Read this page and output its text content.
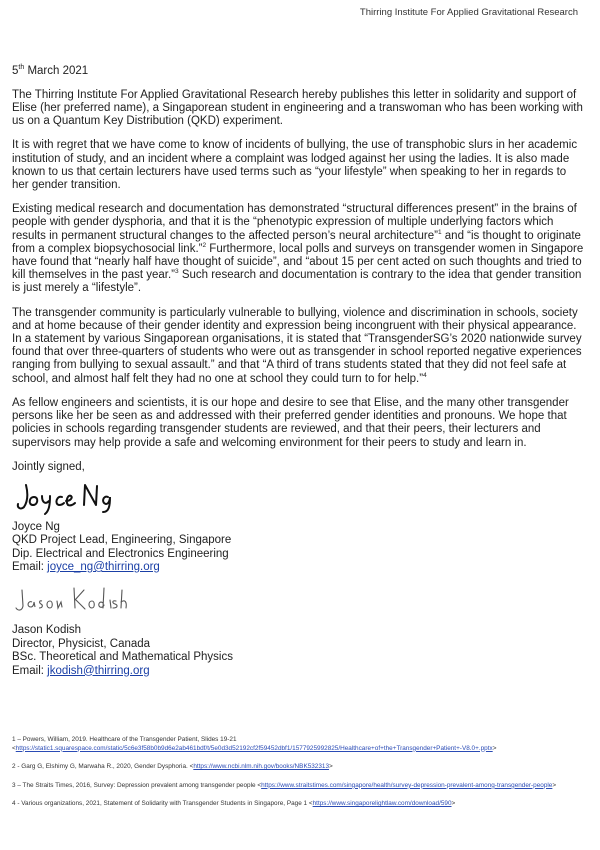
Thirring Institute For Applied Gravitational Research

5th March 2021

The Thirring Institute For Applied Gravitational Research hereby publishes this letter in solidarity and support of Elise (her preferred name), a Singaporean student in engineering and a transwoman who has been working with us on a Quantum Key Distribution (QKD) experiment.

It is with regret that we have come to know of incidents of bullying, the use of transphobic slurs in her academic institution of study, and an incident where a complaint was lodged against her using the ladies. It is also made known to us that certain lecturers have used terms such as “your lifestyle” when speaking to her in regards to her gender transition.

Existing medical research and documentation has demonstrated “structural differences present” in the brains of people with gender dysphoria, and that it is the “phenotypic expression of multiple underlying factors which results in permanent structural changes to the affected person’s neural architecture”$^1$ and “is thought to originate from a complex biopsychosocial link.”$^2$ Furthermore, local polls and surveys on transgender women in Singapore have found that “nearly half have thought of suicide”, and “about 15 per cent acted on such thoughts and tried to kill themselves in the past year.”$^3$ Such research and documentation is contrary to the idea that gender transition is just merely a “lifestyle”.

The transgender community is particularly vulnerable to bullying, violence and discrimination in schools, society and at home because of their gender identity and expression being incongruent with their physical appearance. In a statement by various Singaporean organisations, it is stated that “TransgenderSG’s 2020 nationwide survey found that over three-quarters of students who were out as transgender in school reported negative experiences ranging from bullying to sexual assault.” and that “A third of trans students stated that they did not feel safe at school, and almost half felt they had no one at school they could turn to for help.”$^4$

As fellow engineers and scientists, it is our hope and desire to see that Elise, and the many other transgender persons like her be seen as and addressed with their preferred gender identities and pronouns. We hope that policies in schools regarding transgender students are reviewed, and that their peers, their lecturers and supervisors may help provide a safe and welcoming environment for their peers to study and learn in.

Jointly signed,

Joyce Ng
QKD Project Lead, Engineering, Singapore
Dip. Electrical and Electronics Engineering
Email: joyce_ng@thirring.org
Jason Kodish
Director, Physicist, Canada
BSc. Theoretical and Mathematical Physics
Email: jkodish@thirring.org
1 – Powers, William, 2019. Healthcare of the Transgender Patient, Slides 19-21 <https://static1.squarespace.com/static/5c6e3f58b0b9d6e2ab461bdf/t/5e0d3d52192cf2f59452dbf1/1577925992825/Healthcare+of+the+Transgender+Patient+-V8.0+.pptx>
2 - Garg G, Elshimy G, Marwaha R., 2020, Gender Dysphoria. <https://www.ncbi.nlm.nih.gov/books/NBK532313>
3 – The Straits Times, 2016, Survey: Depression prevalent among transgender people <https://www.straitstimes.com/singapore/health/survey-depression-prevalent-among-transgender-people>
4 - Various organizations, 2021, Statement of Solidarity with Transgender Students in Singapore, Page 1 <https://www.singaporelightlaw.com/download/590>
